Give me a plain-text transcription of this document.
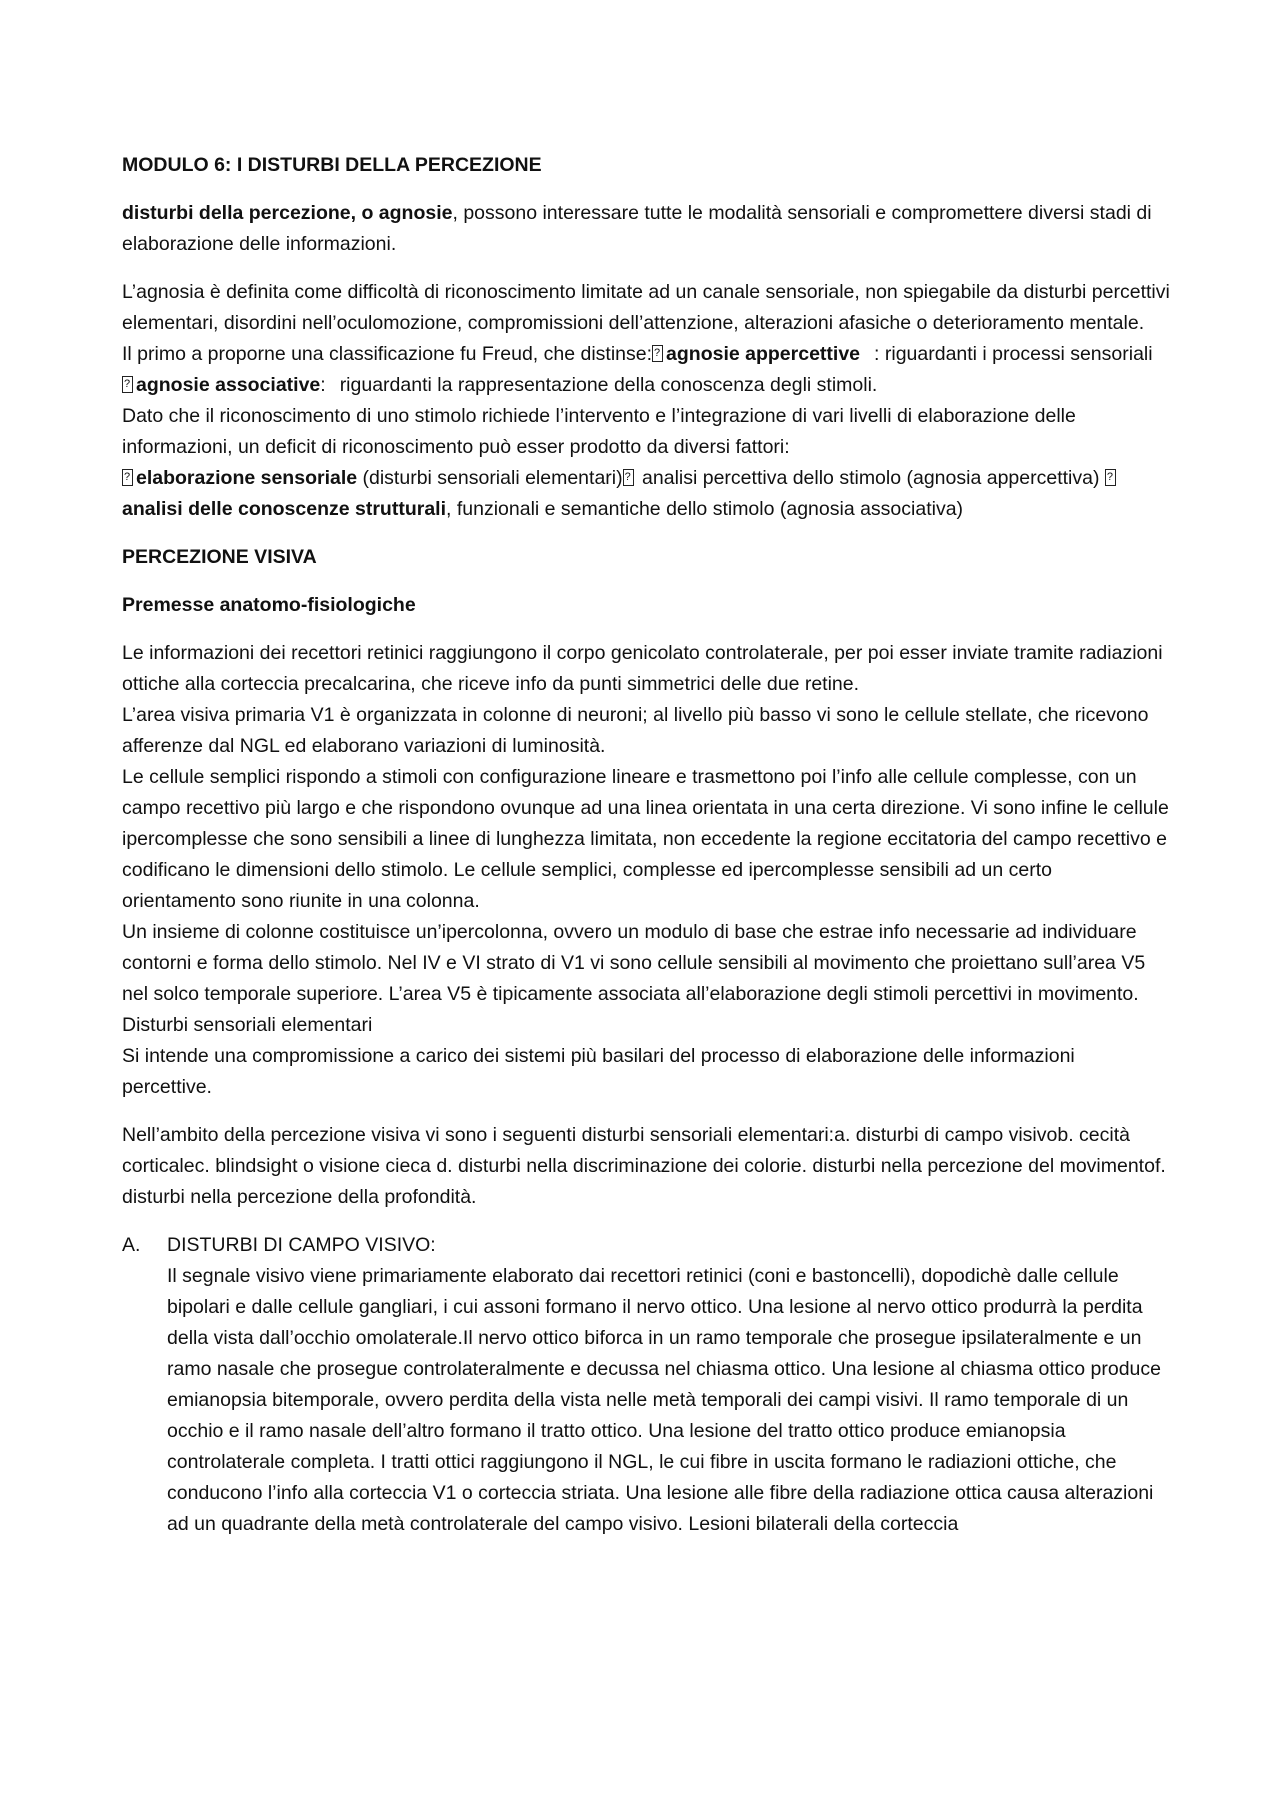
MODULO 6: I DISTURBI DELLA PERCEZIONE

disturbi della percezione, o agnosie, possono interessare tutte le modalità sensoriali e compromettere diversi stadi di elaborazione delle informazioni.

L’agnosia è definita come difficoltà di riconoscimento limitate ad un canale sensoriale, non spiegabile da disturbi percettivi elementari, disordini nell’oculomozione, compromissioni dell’attenzione, alterazioni afasiche o deterioramento mentale.

Il primo a proporne una classificazione fu Freud, che distinse:? agnosie appercettive : riguardanti i processi sensoriali

?agnosie associative: riguardanti la rappresentazione della conoscenza degli stimoli.

Dato che il riconoscimento di uno stimolo richiede l’intervento e l’integrazione di vari livelli di elaborazione delle informazioni, un deficit di riconoscimento può esser prodotto da diversi fattori:

?elaborazione sensoriale (disturbi sensoriali elementari)? analisi percettiva dello stimolo (agnosia appercettiva) ?analisi delle conoscenze strutturali, funzionali e semantiche dello stimolo (agnosia associativa)

PERCEZIONE VISIVA

Premesse anatomo-fisiologiche

Le informazioni dei recettori retinici raggiungono il corpo genicolato controlaterale, per poi esser inviate tramite radiazioni ottiche alla corteccia precalcarina, che riceve info da punti simmetrici delle due retine.

L’area visiva primaria V1 è organizzata in colonne di neuroni; al livello più basso vi sono le cellule stellate, che ricevono afferenze dal NGL ed elaborano variazioni di luminosità.

Le cellule semplici rispondo a stimoli con configurazione lineare e trasmettono poi l’info alle cellule complesse, con un campo recettivo più largo e che rispondono ovunque ad una linea orientata in una certa direzione. Vi sono infine le cellule ipercomplesse che sono sensibili a linee di lunghezza limitata, non eccedente la regione eccitatoria del campo recettivo e codificano le dimensioni dello stimolo. Le cellule semplici, complesse ed ipercomplesse sensibili ad un certo orientamento sono riunite in una colonna.

Un insieme di colonne costituisce un’ipercolonna, ovvero un modulo di base che estrae info necessarie ad individuare contorni e forma dello stimolo. Nel IV e VI strato di V1 vi sono cellule sensibili al movimento che proiettano sull’area V5 nel solco temporale superiore. L’area V5 è tipicamente associata all’elaborazione degli stimoli percettivi in movimento. Disturbi sensoriali elementari

Si intende una compromissione a carico dei sistemi più basilari del processo di elaborazione delle informazioni percettive.

Nell’ambito della percezione visiva vi sono i seguenti disturbi sensoriali elementari:a. disturbi di campo visivob. cecità corticalec. blindsight o visione cieca d. disturbi nella discriminazione dei colorie. disturbi nella percezione del movimentof. disturbi nella percezione della profondità.

A. DISTURBI DI CAMPO VISIVO:
Il segnale visivo viene primariamente elaborato dai recettori retinici (coni e bastoncelli), dopodichè dalle cellule bipolari e dalle cellule gangliari, i cui assoni formano il nervo ottico. Una lesione al nervo ottico produrrà la perdita della vista dall’occhio omolaterale.Il nervo ottico biforca in un ramo temporale che prosegue ipsilateralmente e un ramo nasale che prosegue controlateralmente e decussa nel chiasma ottico. Una lesione al chiasma ottico produce emianopsia bitemporale, ovvero perdita della vista nelle metà temporali dei campi visivi. Il ramo temporale di un occhio e il ramo nasale dell’altro formano il tratto ottico. Una lesione del tratto ottico produce emianopsia controlaterale completa. I tratti ottici raggiungono il NGL, le cui fibre in uscita formano le radiazioni ottiche, che conducono l’info alla corteccia V1 o corteccia striata. Una lesione alle fibre della radiazione ottica causa alterazioni ad un quadrante della metà controlaterale del campo visivo. Lesioni bilaterali della corteccia
